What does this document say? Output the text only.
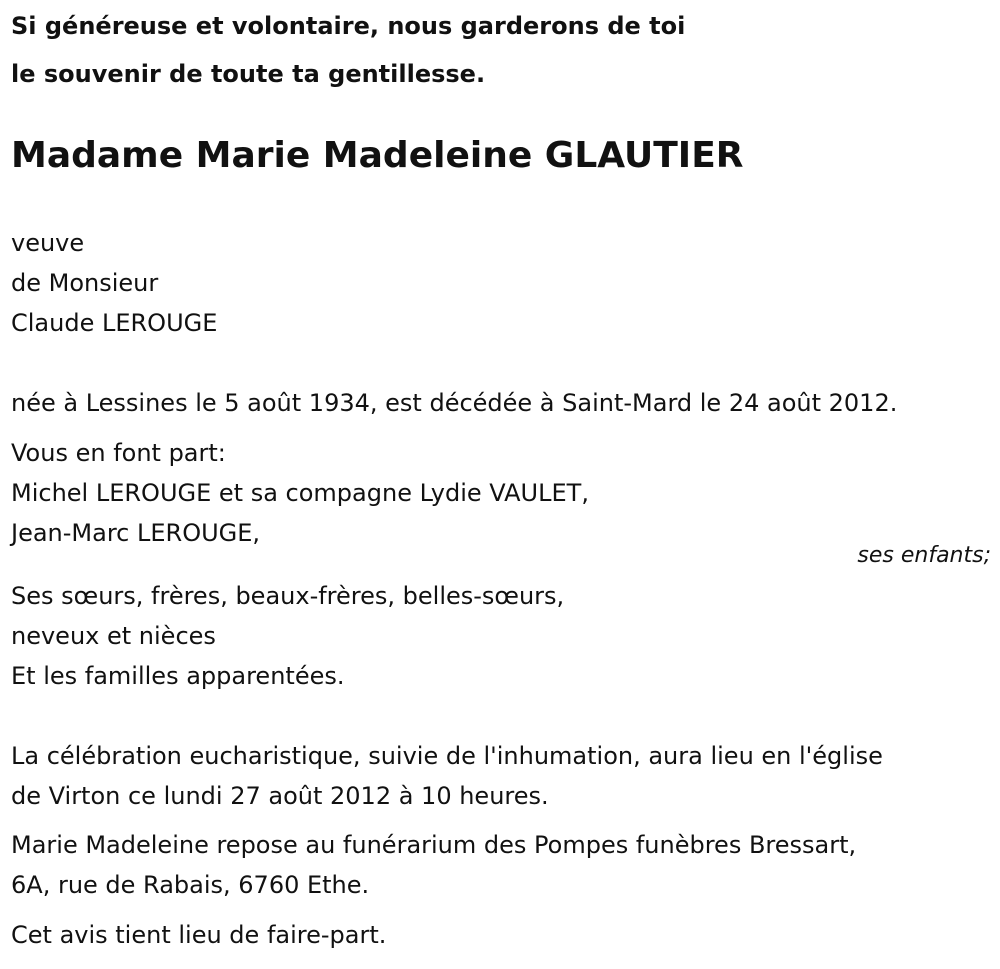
Si généreuse et volontaire, nous garderons de toi
le souvenir de toute ta gentillesse.
Madame Marie Madeleine GLAUTIER
veuve
de Monsieur
Claude LEROUGE
née à Lessines le 5 août 1934, est décédée à Saint-Mard le 24 août 2012.
Vous en font part:
Michel LEROUGE et sa compagne Lydie VAULET,
Jean-Marc LEROUGE,
ses enfants;
Ses sœurs, frères, beaux-frères, belles-sœurs,
neveux et nièces
Et les familles apparentées.
La célébration eucharistique, suivie de l'inhumation, aura lieu en l'église
de Virton ce lundi 27 août 2012 à 10 heures.
Marie Madeleine repose au funérarium des Pompes funèbres Bressart,
6A, rue de Rabais, 6760 Ethe.
Cet avis tient lieu de faire-part.
